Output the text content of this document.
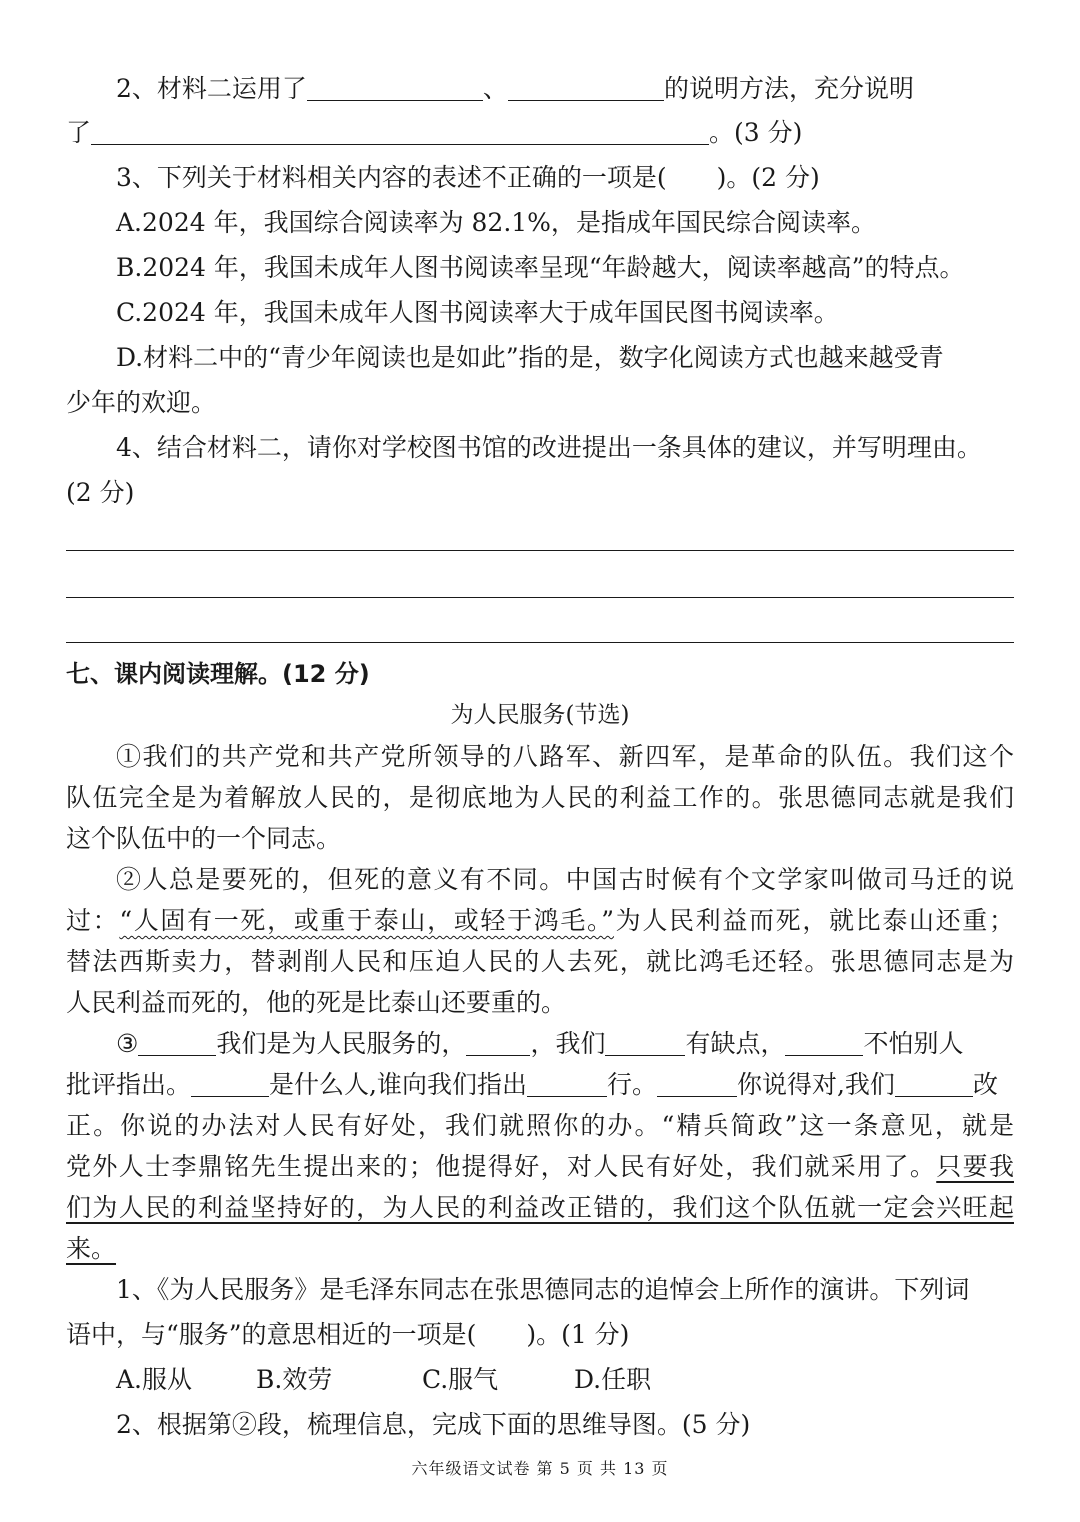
2、材料二运用了	、	的说明方法，充分说明
了	。(3 分)
3、下列关于材料相关内容的表述不正确的一项是(　　)。(2 分)
A.2024 年，我国综合阅读率为 82.1%，是指成年国民综合阅读率。
B.2024 年，我国未成年人图书阅读率呈现“年龄越大，阅读率越高”的特点。
C.2024 年，我国未成年人图书阅读率大于成年国民图书阅读率。
D.材料二中的“青少年阅读也是如此”指的是，数字化阅读方式也越来越受青
少年的欢迎。
4、结合材料二，请你对学校图书馆的改进提出一条具体的建议，并写明理由。
(2 分)
七、课内阅读理解。(12 分)
为人民服务(节选)
①我们的共产党和共产党所领导的八路军、新四军，是革命的队伍。我们这个
队伍完全是为着解放人民的，是彻底地为人民的利益工作的。张思德同志就是我们
这个队伍中的一个同志。
②人总是要死的，但死的意义有不同。中国古时候有个文学家叫做司马迁的说
过：“人固有一死，或重于泰山，或轻于鸿毛。”为人民利益而死，就比泰山还重；
替法西斯卖力，替剥削人民和压迫人民的人去死，就比鸿毛还轻。张思德同志是为
人民利益而死的，他的死是比泰山还要重的。
③	我们是为人民服务的，	，我们	有缺点，	不怕别人
批评指出。	是什么人,谁向我们指出	行。	你说得对,我们	改
正。你说的办法对人民有好处，我们就照你的办。“精兵简政”这一条意见，就是
党外人士李鼎铭先生提出来的；他提得好，对人民有好处，我们就采用了。只要我
们为人民的利益坚持好的，为人民的利益改正错的，我们这个队伍就一定会兴旺起
来。
1、《为人民服务》是毛泽东同志在张思德同志的追悼会上所作的演讲。下列词
语中，与“服务”的意思相近的一项是(　　)。(1 分)
A.服从	B.效劳	C.服气	D.任职
2、根据第②段，梳理信息，完成下面的思维导图。(5 分)
六年级语文试卷 第 5 页 共 13 页
